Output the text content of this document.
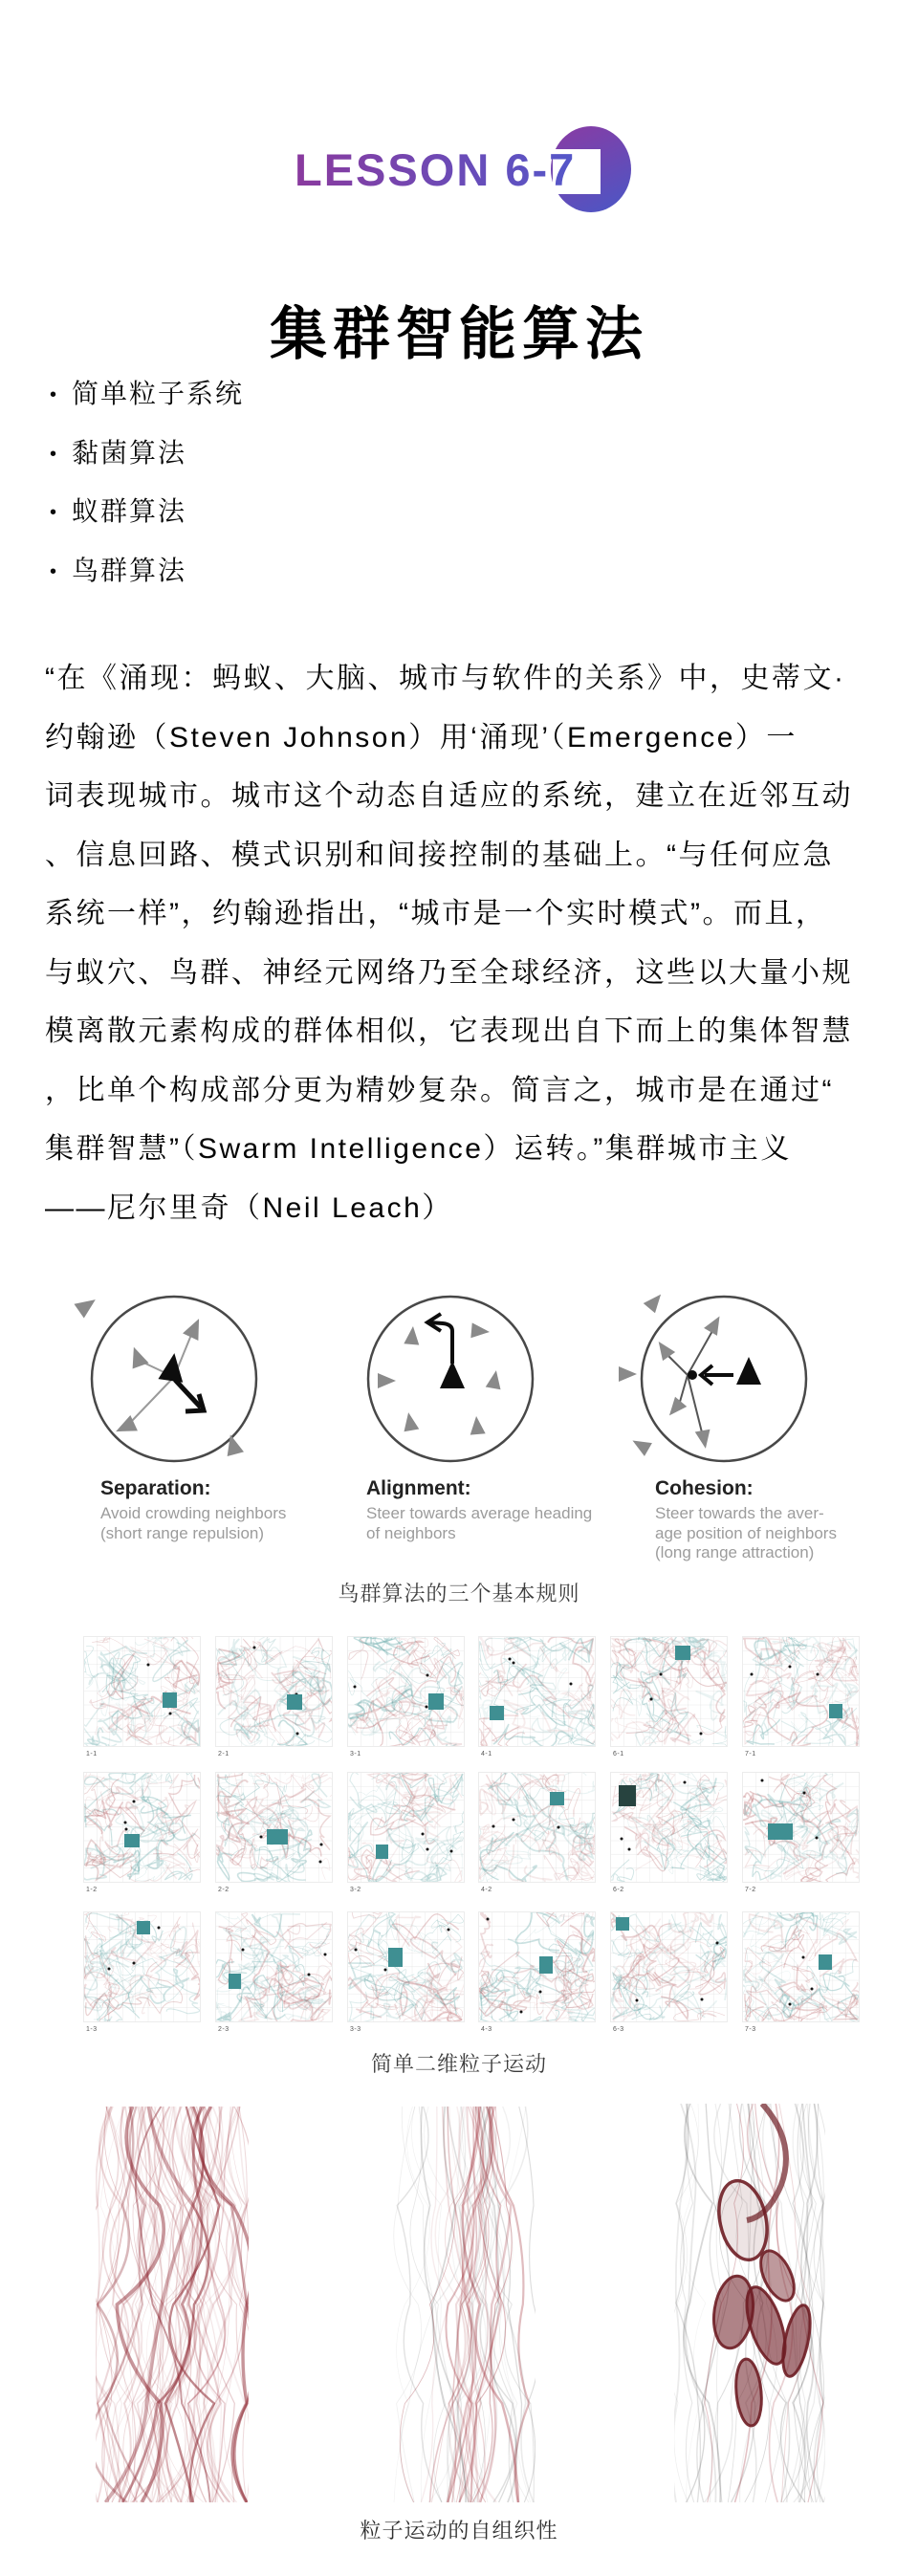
LESSON 6-7
集群智能算法
• 简单粒子系统
• 黏菌算法
• 蚁群算法
• 鸟群算法
“在《涌现：蚂蚁、大脑、城市与软件的关系》中，史蒂文·
约翰逊（Steven Johnson）用‘涌现’（Emergence）一
词表现城市。城市这个动态自适应的系统，建立在近邻互动
、信息回路、模式识别和间接控制的基础上。“与任何应急
系统一样”，约翰逊指出，“城市是一个实时模式”。而且，
与蚁穴、鸟群、神经元网络乃至全球经济，这些以大量小规
模离散元素构成的群体相似，它表现出自下而上的集体智慧
，比单个构成部分更为精妙复杂。简言之，城市是在通过“
集群智慧”（Swarm Intelligence）运转。”集群城市主义
——尼尔里奇（Neil Leach）
Separation:
Avoid crowding neighbors
(short range repulsion)
Alignment:
Steer towards average heading
of neighbors
Cohesion:
Steer towards the aver-
age position of neighbors
(long range attraction)
鸟群算法的三个基本规则
1-1	2-1	3-1	4-1	6-1	7-1
1-2	2-2	3-2	4-2	6-2	7-2
1-3	2-3	3-3	4-3	6-3	7-3
简单二维粒子运动
粒子运动的自组织性
